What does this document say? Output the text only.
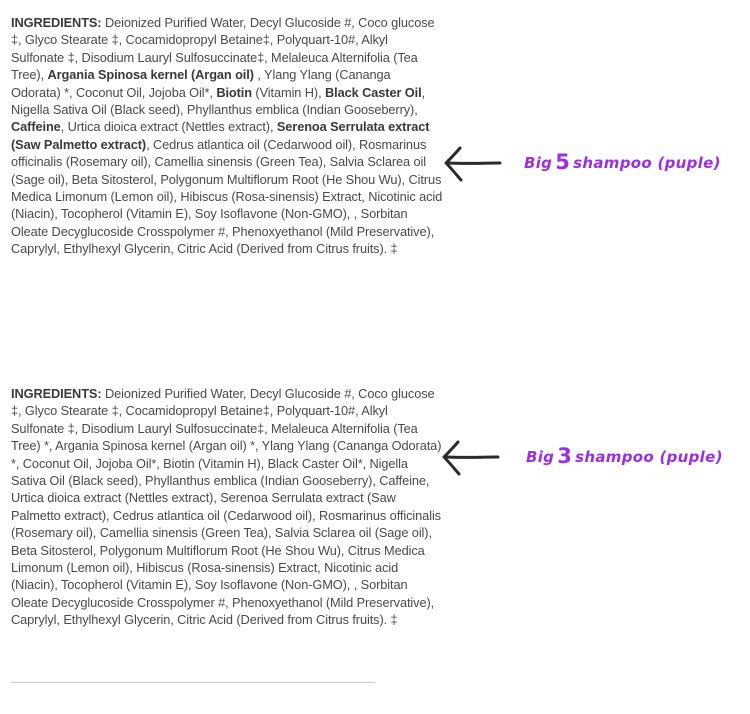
INGREDIENTS: Deionized Purified Water, Decyl Glucoside #, Coco glucose ‡, Glyco Stearate ‡, Cocamidopropyl Betaine‡, Polyquart-10#, Alkyl Sulfonate ‡, Disodium Lauryl Sulfosuccinate‡, Melaleuca Alternifolia (Tea Tree), Argania Spinosa kernel (Argan oil) , Ylang Ylang (Cananga Odorata) *, Coconut Oil, Jojoba Oil*, Biotin (Vitamin H), Black Caster Oil, Nigella Sativa Oil (Black seed), Phyllanthus emblica (Indian Gooseberry), Caffeine, Urtica dioica extract (Nettles extract), Serenoa Serrulata extract (Saw Palmetto extract), Cedrus atlantica oil (Cedarwood oil), Rosmarinus officinalis (Rosemary oil), Camellia sinensis (Green Tea), Salvia Sclarea oil (Sage oil), Beta Sitosterol, Polygonum Multiflorum Root (He Shou Wu), Citrus Medica Limonum (Lemon oil), Hibiscus (Rosa-sinensis) Extract, Nicotinic acid (Niacin), Tocopherol (Vitamin E), Soy Isoflavone (Non-GMO), , Sorbitan Oleate Decyglucoside Crosspolymer #, Phenoxyethanol (Mild Preservative), Caprylyl, Ethylhexyl Glycerin, Citric Acid (Derived from Citrus fruits). ‡

Big 5 shampoo (puple)

INGREDIENTS: Deionized Purified Water, Decyl Glucoside #, Coco glucose ‡, Glyco Stearate ‡, Cocamidopropyl Betaine‡, Polyquart-10#, Alkyl Sulfonate ‡, Disodium Lauryl Sulfosuccinate‡, Melaleuca Alternifolia (Tea Tree) *, Argania Spinosa kernel (Argan oil) *, Ylang Ylang (Cananga Odorata) *, Coconut Oil, Jojoba Oil*, Biotin (Vitamin H), Black Caster Oil*, Nigella Sativa Oil (Black seed), Phyllanthus emblica (Indian Gooseberry), Caffeine, Urtica dioica extract (Nettles extract), Serenoa Serrulata extract (Saw Palmetto extract), Cedrus atlantica oil (Cedarwood oil), Rosmarinus officinalis (Rosemary oil), Camellia sinensis (Green Tea), Salvia Sclarea oil (Sage oil), Beta Sitosterol, Polygonum Multiflorum Root (He Shou Wu), Citrus Medica Limonum (Lemon oil), Hibiscus (Rosa-sinensis) Extract, Nicotinic acid (Niacin), Tocopherol (Vitamin E), Soy Isoflavone (Non-GMO), , Sorbitan Oleate Decyglucoside Crosspolymer #, Phenoxyethanol (Mild Preservative), Caprylyl, Ethylhexyl Glycerin, Citric Acid (Derived from Citrus fruits). ‡

Big 3 shampoo (puple)
